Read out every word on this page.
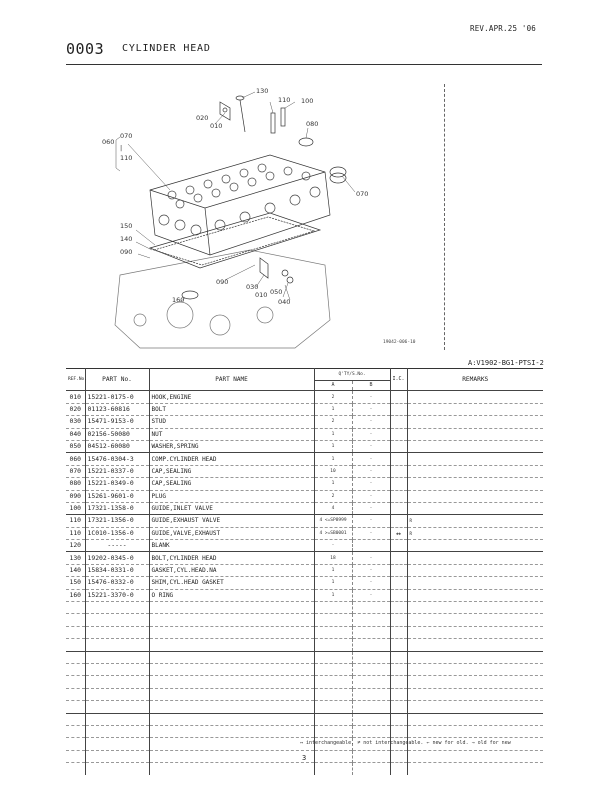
REV.APR.25 '06
0003 CYLINDER HEAD
130
110 100
020
010	080
060
070
|
110
070
150
140
090
090
030
010 050
040
160
19042-006-10
A:V1902-BG1-PTSI-2
REF.No.	PART No.	PART NAME	Q'TY/S.No.		I.C.	REMARKS
			A	B		
010	15221-0175-0	HOOK,ENGINE	2	-		
020	01123-60816	BOLT	1	-		
030	15471-9153-0	STUD	2	-		
040	02156-50080	NUT	1	-		
050	04512-60080	WASHER,SPRING	1	-		
060	15476-0304-3	COMP.CYLINDER HEAD	1	-		
070	15221-0337-0	CAP,SEALING	10	-		
080	15221-0349-0	CAP,SEALING	1	-		
090	15261-9601-0	PLUG	2	-		
100	17321-1358-0	GUIDE,INLET VALVE	4	-		
110	17321-1356-0	GUIDE,EXHAUST VALVE	4 <=SP8999	-		R
110	1C010-1356-0	GUIDE,VALVE,EXHAUST	4 >=SB0001	-	↔	R
120	-----	BLANK	-			
130	19202-0345-0	BOLT,CYLINDER HEAD	18	-		
140	15834-0331-0	GASKET,CYL.HEAD.NA	1	-		
150	15476-0332-0	SHIM,CYL.HEAD GASKET	1	-		
160	15221-3370-0	O RING	1	-		

↔ interchangeable. ≠ not interchangeable. ← new for old. → old for new
3
